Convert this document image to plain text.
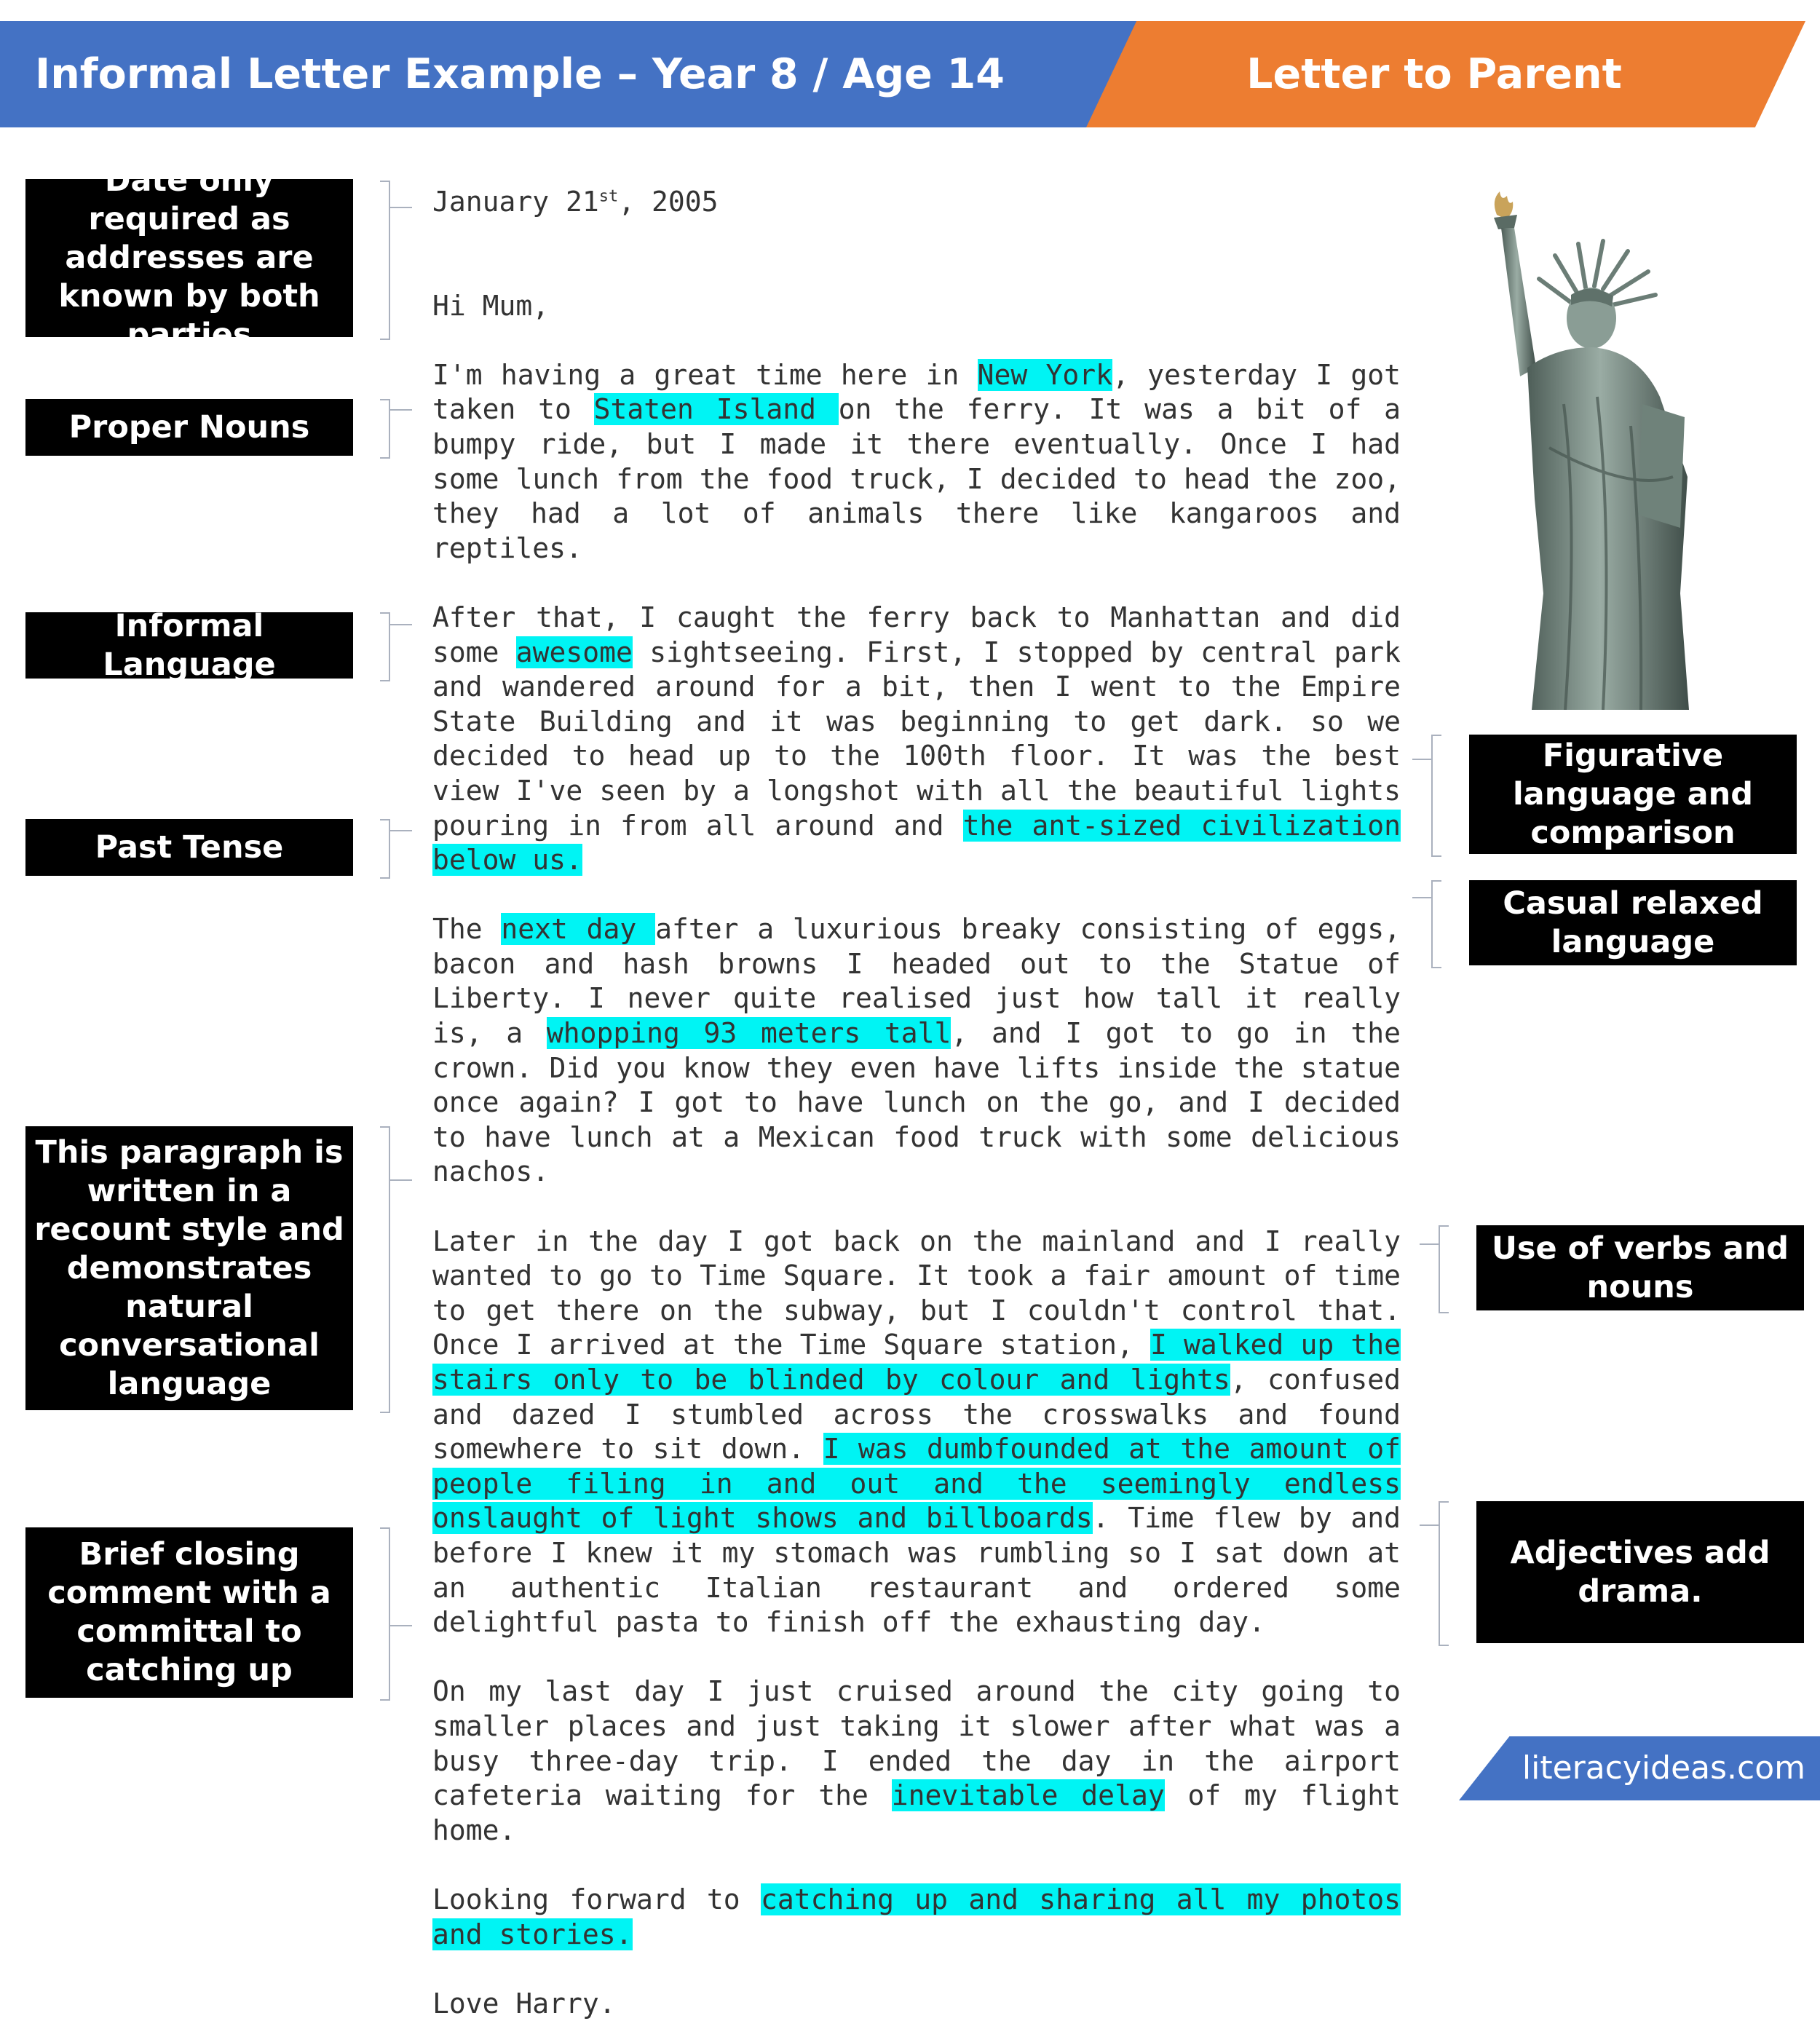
Informal Letter Example – Year 8 / Age 14	Letter to Parent
Date only required as addresses are known by both parties
Proper Nouns
Informal Language
Past Tense
This paragraph is written in a recount style and demonstrates natural conversational language
Brief closing comment with a committal to catching up
Figurative language and comparison
Casual relaxed language
Use of verbs and nouns
Adjectives add drama.

January 21st, 2005

Hi Mum,

I'm having a great time here in New York, yesterday I got taken to Staten Island on the ferry. It was a bit of a bumpy ride, but I made it there eventually. Once I had some lunch from the food truck, I decided to head the zoo, they had a lot of animals there like kangaroos and reptiles.

After that, I caught the ferry back to Manhattan and did some awesome sightseeing. First, I stopped by central park and wandered around for a bit, then I went to the Empire State Building and it was beginning to get dark. so we decided to head up to the 100th floor. It was the best view I've seen by a longshot with all the beautiful lights pouring in from all around and the ant-sized civilization below us.

The next day after a luxurious breaky consisting of eggs, bacon and hash browns I headed out to the Statue of Liberty. I never quite realised just how tall it really is, a whopping 93 meters tall, and I got to go in the crown. Did you know they even have lifts inside the statue once again? I got to have lunch on the go, and I decided to have lunch at a Mexican food truck with some delicious nachos.

Later in the day I got back on the mainland and I really wanted to go to Time Square. It took a fair amount of time to get there on the subway, but I couldn't control that. Once I arrived at the Time Square station, I walked up the stairs only to be blinded by colour and lights, confused and dazed I stumbled across the crosswalks and found somewhere to sit down. I was dumbfounded at the amount of people filing in and out and the seemingly endless onslaught of light shows and billboards. Time flew by and before I knew it my stomach was rumbling so I sat down at an authentic Italian restaurant and ordered some delightful pasta to finish off the exhausting day.

On my last day I just cruised around the city going to smaller places and just taking it slower after what was a busy three-day trip. I ended the day in the airport cafeteria waiting for the inevitable delay of my flight home.

Looking forward to catching up and sharing all my photos and stories.

Love Harry.

literacyideas.com
